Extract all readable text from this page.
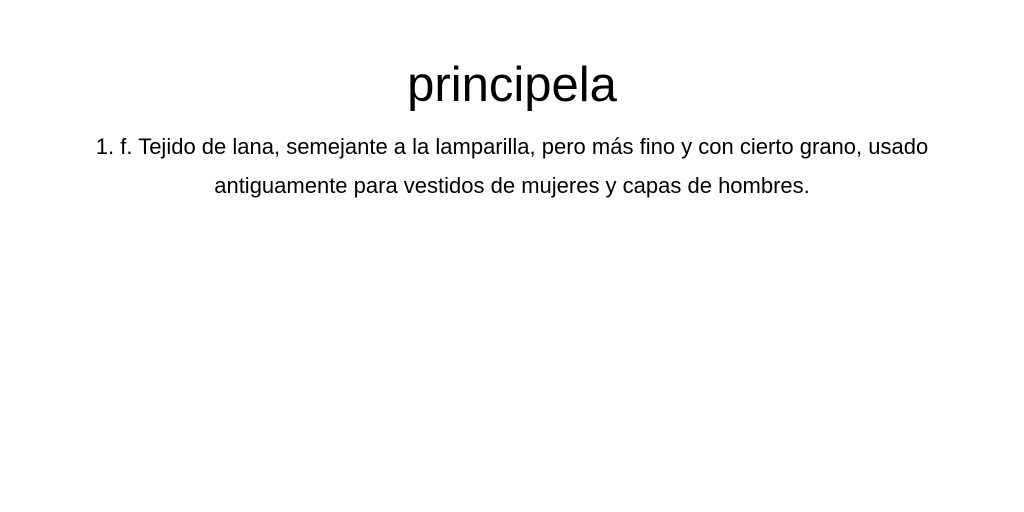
principela

1. f. Tejido de lana, semejante a la lamparilla, pero más fino y con cierto grano, usado antiguamente para vestidos de mujeres y capas de hombres.
